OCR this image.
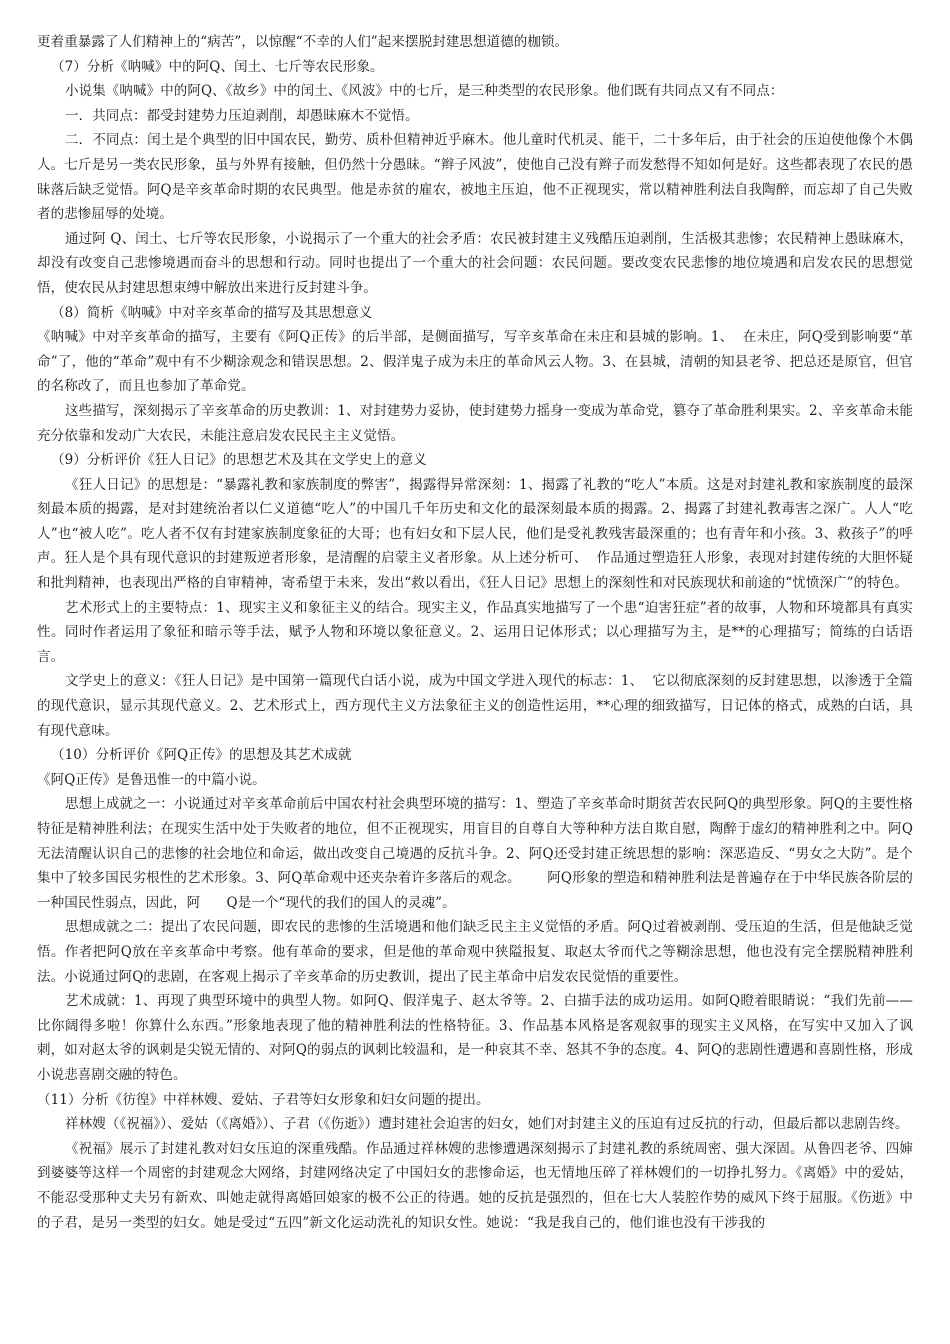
更着重暴露了人们精神上的“病苦”，以惊醒“不幸的人们”起来摆脱封建思想道德的枷锁。

（7）分析《呐喊》中的阿Q、闰土、七斤等农民形象。

小说集《呐喊》中的阿Q、《故乡》中的闰土、《风波》中的七斤，是三种类型的农民形象。他们既有共同点又有不同点：

一．共同点：都受封建势力压迫剥削，却愚昧麻木不觉悟。

二．不同点：闰土是个典型的旧中国农民，勤劳、质朴但精神近乎麻木。他儿童时代机灵、能干，二十多年后，由于社会的压迫使他像个木偶人。七斤是另一类农民形象，虽与外界有接触，但仍然十分愚昧。“辫子风波”，使他自己没有辫子而发愁得不知如何是好。这些都表现了农民的愚昧落后缺乏觉悟。阿Q是辛亥革命时期的农民典型。他是赤贫的雇农，被地主压迫，他不正视现实，常以精神胜利法自我陶醉，而忘却了自己失败者的悲惨屈辱的处境。

通过阿 Q、闰土、七斤等农民形象，小说揭示了一个重大的社会矛盾：农民被封建主义残酷压迫剥削，生活极其悲惨；农民精神上愚昧麻木，却没有改变自己悲惨境遇而奋斗的思想和行动。同时也提出了一个重大的社会问题：农民问题。要改变农民悲惨的地位境遇和启发农民的思想觉悟，使农民从封建思想束缚中解放出来进行反封建斗争。

（8）简析《呐喊》中对辛亥革命的描写及其思想意义

《呐喊》中对辛亥革命的描写，主要有《阿Q正传》的后半部，是侧面描写，写辛亥革命在未庄和县城的影响。1、  在未庄，阿Q受到影响要“革命”了，他的“革命”观中有不少糊涂观念和错误思想。2、假洋鬼子成为未庄的革命风云人物。3、在县城，清朝的知县老爷、把总还是原官，但官的名称改了，而且也参加了革命党。

这些描写，深刻揭示了辛亥革命的历史教训：1、对封建势力妥协，使封建势力摇身一变成为革命党，篡夺了革命胜利果实。2、辛亥革命未能充分依靠和发动广大农民，未能注意启发农民民主主义觉悟。

（9）分析评价《狂人日记》的思想艺术及其在文学史上的意义

《狂人日记》的思想是：“暴露礼教和家族制度的弊害”，揭露得异常深刻：1、揭露了礼教的“吃人”本质。这是对封建礼教和家族制度的最深刻最本质的揭露，是对封建统治者以仁义道德“吃人”的中国几千年历史和文化的最深刻最本质的揭露。2、揭露了封建礼教毒害之深广。人人“吃人”也“被人吃”。吃人者不仅有封建家族制度象征的大哥；也有妇女和下层人民，他们是受礼教残害最深重的；也有青年和小孩。3、救孩子”的呼声。狂人是个具有现代意识的封建叛逆者形象，是清醒的启蒙主义者形象。从上述分析可、  作品通过塑造狂人形象，表现对封建传统的大胆怀疑和批判精神，也表现出严格的自审精神，寄希望于未来，发出“救以看出，《狂人日记》思想上的深刻性和对民族现状和前途的“忧愤深广”的特色。

艺术形式上的主要特点：1、现实主义和象征主义的结合。现实主义，作品真实地描写了一个患“迫害狂症”者的故事，人物和环境都具有真实性。同时作者运用了象征和暗示等手法，赋予人物和环境以象征意义。2、运用日记体形式；以心理描写为主，是**的心理描写；简练的白话语言。

文学史上的意义：《狂人日记》是中国第一篇现代白话小说，成为中国文学进入现代的标志：1、  它以彻底深刻的反封建思想，以渗透于全篇的现代意识，显示其现代意义。2、艺术形式上，西方现代主义方法象征主义的创造性运用，**心理的细致描写，日记体的格式，成熟的白话，具有现代意味。

（10）分析评价《阿Q正传》的思想及其艺术成就

《阿Q正传》是鲁迅惟一的中篇小说。

思想上成就之一：小说通过对辛亥革命前后中国农村社会典型环境的描写：1、塑造了辛亥革命时期贫苦农民阿Q的典型形象。阿Q的主要性格特征是精神胜利法；在现实生活中处于失败者的地位，但不正视现实，用盲目的自尊自大等种种方法自欺自慰，陶醉于虚幻的精神胜利之中。阿Q无法清醒认识自己的悲惨的社会地位和命运，做出改变自己境遇的反抗斗争。2、阿Q还受封建正统思想的影响：深恶造反、“男女之大防”。是个集中了较多国民劣根性的艺术形象。3、阿Q革命观中还夹杂着许多落后的观念。      阿Q形象的塑造和精神胜利法是普遍存在于中华民族各阶层的一种国民性弱点，因此，阿      Q是一个“现代的我们的国人的灵魂”。

思想成就之二：提出了农民问题，即农民的悲惨的生活境遇和他们缺乏民主主义觉悟的矛盾。阿Q过着被剥削、受压迫的生活，但是他缺乏觉悟。作者把阿Q放在辛亥革命中考察。他有革命的要求，但是他的革命观中狭隘报复、取赵太爷而代之等糊涂思想，他也没有完全摆脱精神胜利法。小说通过阿Q的悲剧，在客观上揭示了辛亥革命的历史教训，提出了民主革命中启发农民觉悟的重要性。

艺术成就：1、再现了典型环境中的典型人物。如阿Q、假洋鬼子、赵太爷等。2、白描手法的成功运用。如阿Q瞪着眼睛说：“我们先前——比你阔得多啦！你算什么东西。”形象地表现了他的精神胜利法的性格特征。3、作品基本风格是客观叙事的现实主义风格，在写实中又加入了讽刺，如对赵太爷的讽刺是尖锐无情的、对阿Q的弱点的讽刺比较温和，是一种哀其不幸、怒其不争的态度。4、阿Q的悲剧性遭遇和喜剧性格，形成小说悲喜剧交融的特色。

（11）分析《彷徨》中祥林嫂、爱姑、子君等妇女形象和妇女问题的提出。

祥林嫂（《祝福》）、爱姑（《离婚》）、子君（《伤逝》）遭封建社会迫害的妇女，她们对封建主义的压迫有过反抗的行动，但最后都以悲剧告终。

《祝福》展示了封建礼教对妇女压迫的深重残酷。作品通过祥林嫂的悲惨遭遇深刻揭示了封建礼教的系统周密、强大深固。从鲁四老爷、四婶到婆婆等这样一个周密的封建观念大网络，封建网络决定了中国妇女的悲惨命运，也无情地压碎了祥林嫂们的一切挣扎努力。《离婚》中的爱姑，不能忍受那种丈夫另有新欢、叫她走就得离婚回娘家的极不公正的待遇。她的反抗是强烈的，但在七大人装腔作势的威风下终于屈服。《伤逝》中的子君，是另一类型的妇女。她是受过“五四”新文化运动洗礼的知识女性。她说：“我是我自己的，他们谁也没有干涉我的
